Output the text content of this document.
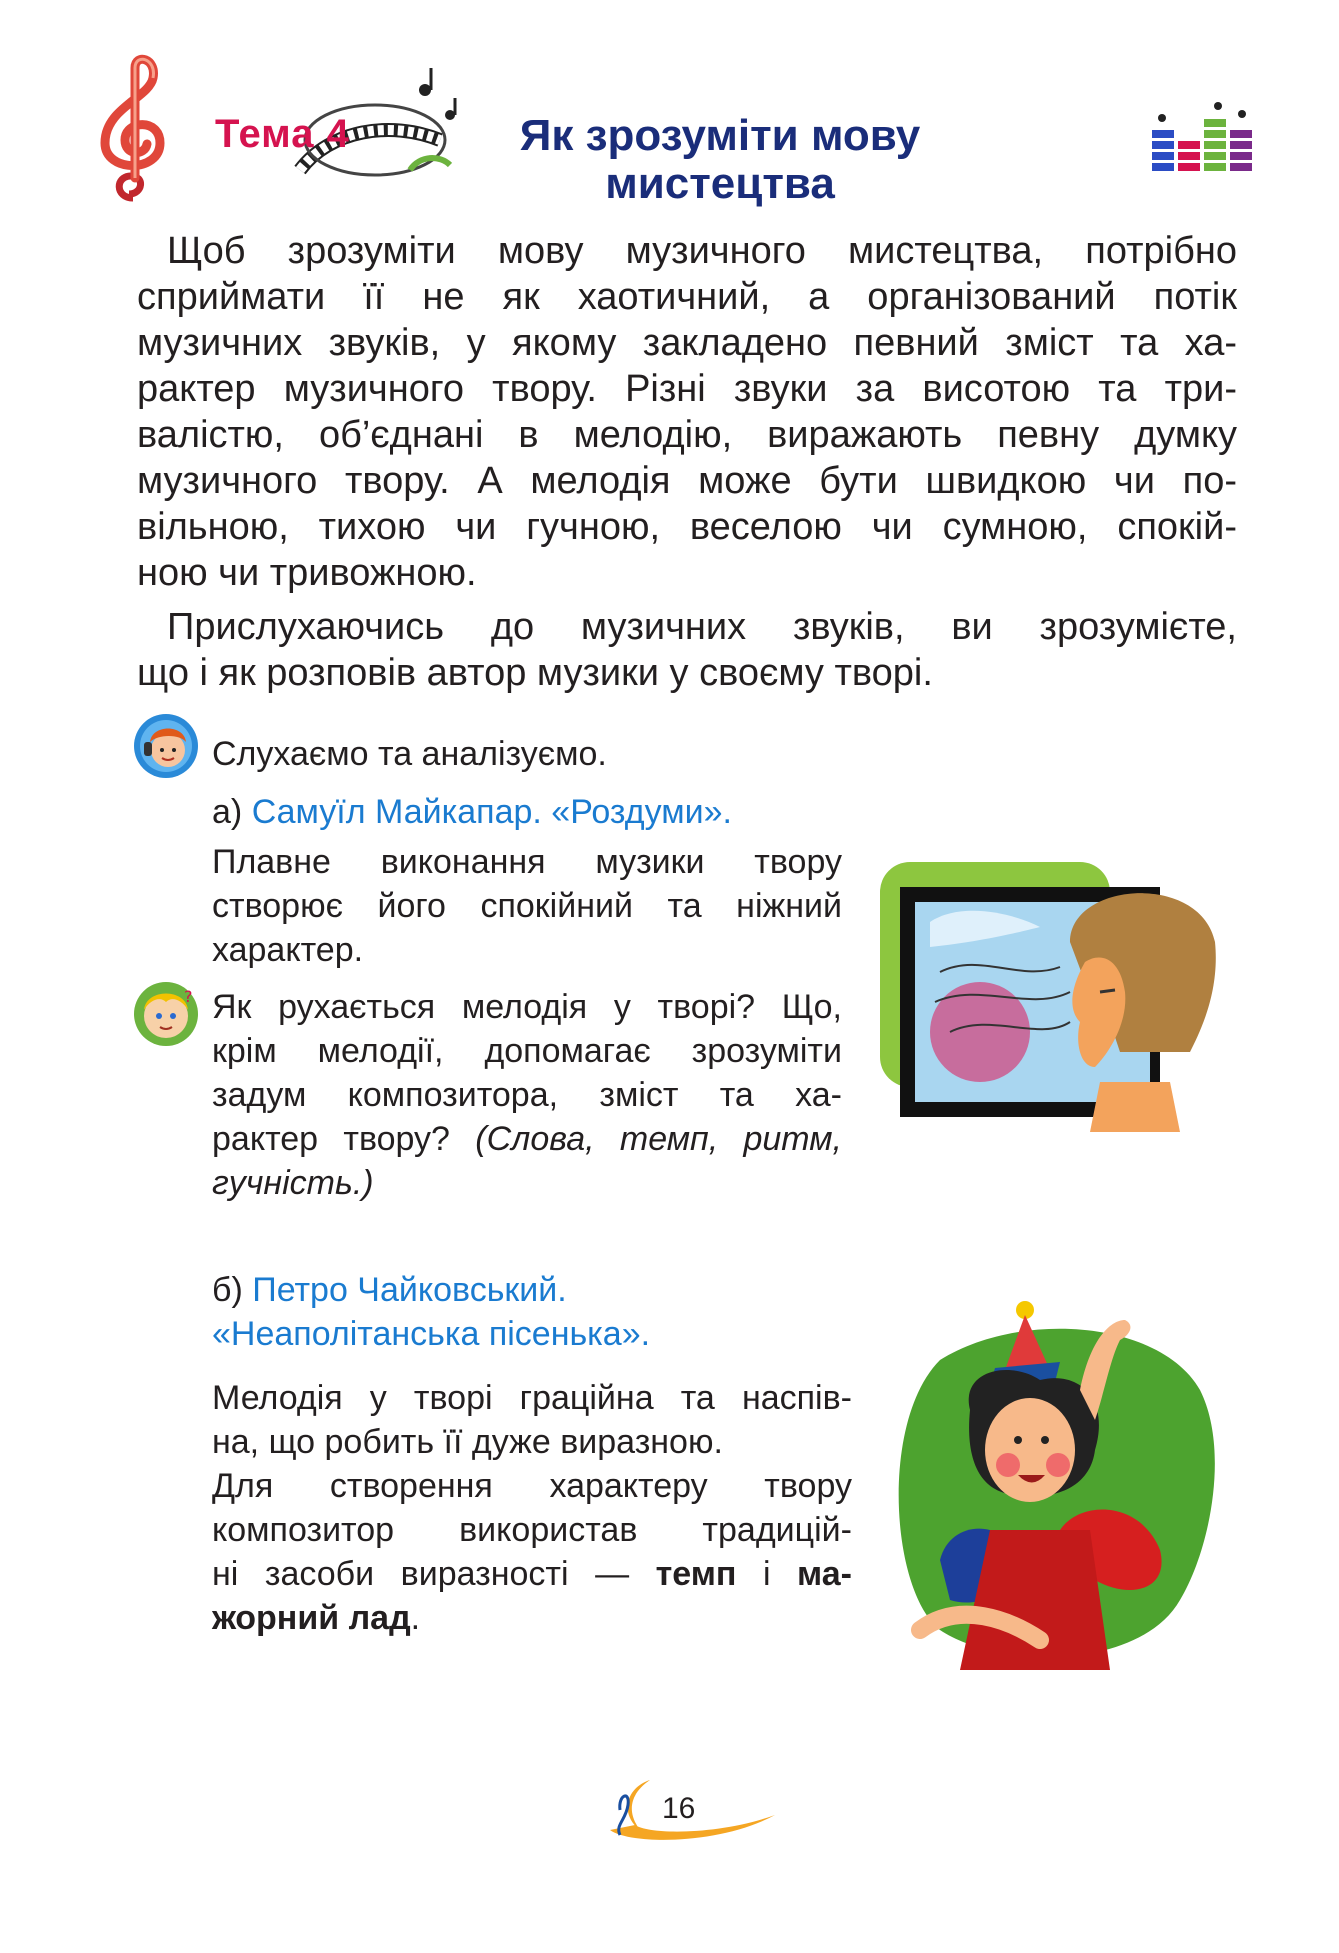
Тема 4	Як зрозуміти мову
мистецтва
Щоб зрозуміти мову музичного мистецтва, потрібно
сприймати її не як хаотичний, а організований потік
музичних звуків, у якому закладено певний зміст та ха-
рактер музичного твору. Різні звуки за висотою та три-
валістю, об’єднані в мелодію, виражають певну думку
музичного твору. А мелодія може бути швидкою чи по-
вільною, тихою чи гучною, веселою чи сумною, спокій-
ною чи тривожною.
Прислухаючись до музичних звуків, ви зрозумієте,
що і як розповів автор музики у своєму творі.
Слухаємо та аналізуємо.
а) Самуїл Майкапар. «Роздуми».
Плавне виконання музики твору
створює його спокійний та ніжний
характер.
? Як рухається мелодія у творі? Що,
крім мелодії, допомагає зрозуміти
задум композитора, зміст та ха-
рактер твору? (Слова, темп, ритм,
гучність.)
б) Петро Чайковський.
«Неаполітанська пісенька».
Мелодія у творі граційна та наспів-
на, що робить її дуже виразною.
Для створення характеру твору
композитор використав традицій-
ні засоби виразності — темп і ма-
жорний лад.
16
